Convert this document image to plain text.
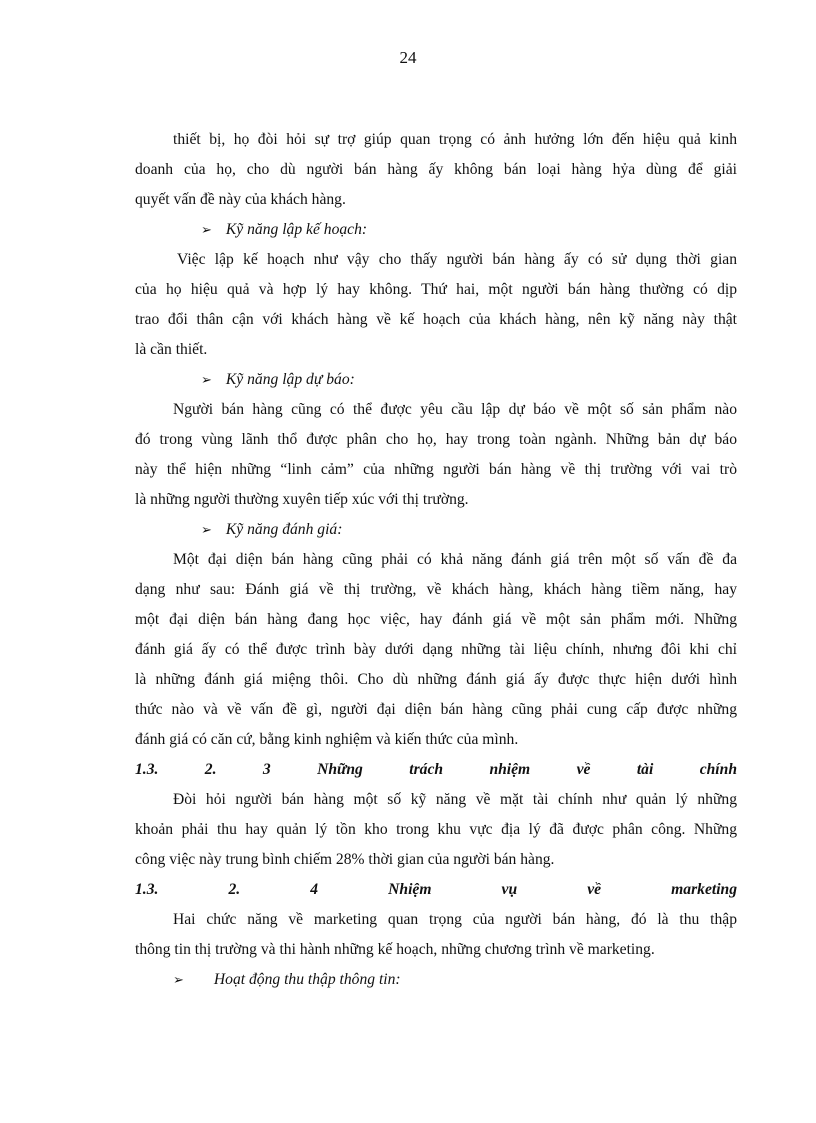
24
thiết bị, họ đòi hỏi sự trợ giúp quan trọng có ảnh hưởng lớn đến hiệu quả kinh
doanh của họ, cho dù người bán hàng ấy không bán loại hàng hỷa dùng để giải
quyết vấn đề này của khách hàng.
➢ Kỹ năng lập kế hoạch:
Việc lập kế hoạch như vậy cho thấy người bán hàng ấy có sử dụng thời gian
của họ hiệu quả và hợp lý hay không. Thứ hai, một người bán hàng thường có dịp
trao đổi thân cận với khách hàng về kế hoạch của khách hàng, nên kỹ năng này thật
là cần thiết.
➢ Kỹ năng lập dự báo:
Người bán hàng cũng có thể được yêu cầu lập dự báo về một số sản phẩm nào
đó trong vùng lãnh thổ được phân cho họ, hay trong toàn ngành. Những bản dự báo
này thể hiện những “linh cảm” của những người bán hàng về thị trường với vai trò
là những người thường xuyên tiếp xúc với thị trường.
➢ Kỹ năng đánh giá:
Một đại diện bán hàng cũng phải có khả năng đánh giá trên một số vấn đề đa
dạng như sau: Đánh giá về thị trường, về khách hàng, khách hàng tiềm năng, hay
một đại diện bán hàng đang học việc, hay đánh giá về một sản phẩm mới. Những
đánh giá ấy có thể được trình bày dưới dạng những tài liệu chính, nhưng đôi khi chỉ
là những đánh giá miệng thôi. Cho dù những đánh giá ấy được thực hiện dưới hình
thức nào và về vấn đề gì, người đại diện bán hàng cũng phải cung cấp được những
đánh giá có căn cứ, bằng kinh nghiệm và kiến thức của mình.
1.3. 2. 3 Những trách nhiệm về tài chính
Đòi hỏi người bán hàng một số kỹ năng về mặt tài chính như quản lý những
khoản phải thu hay quản lý tồn kho trong khu vực địa lý đã được phân công. Những
công việc này trung bình chiếm 28% thời gian của người bán hàng.
1.3. 2. 4 Nhiệm vụ về marketing
Hai chức năng về marketing quan trọng của người bán hàng, đó là thu thập
thông tin thị trường và thi hành những kế hoạch, những chương trình về marketing.
➢ Hoạt động thu thập thông tin:
